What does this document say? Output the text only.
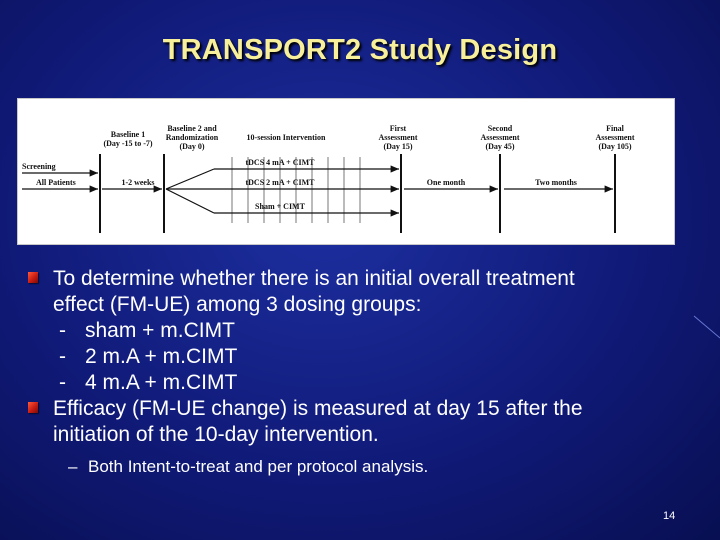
TRANSPORT2 Study Design
Baseline 1
(Day -15 to -7)
Baseline 2 and
Randomization
(Day 0)
10-session Intervention
First
Assessment
(Day 15)
Second
Assessment
(Day 45)
Final
Assessment
(Day 105)
Screening
All Patients	1-2 weeks
tDCS 4 mA + CIMT
tDCS 2 mA + CIMT
Sham + CIMT
One month	Two months
To determine whether there is an initial overall treatment
effect (FM-UE) among 3 dosing groups:
- sham + m.CIMT
- 2 m.A + m.CIMT
- 4 m.A + m.CIMT
Efficacy (FM-UE change) is measured at day 15 after the
initiation of the 10-day intervention.
– Both Intent-to-treat and per protocol analysis.
14
